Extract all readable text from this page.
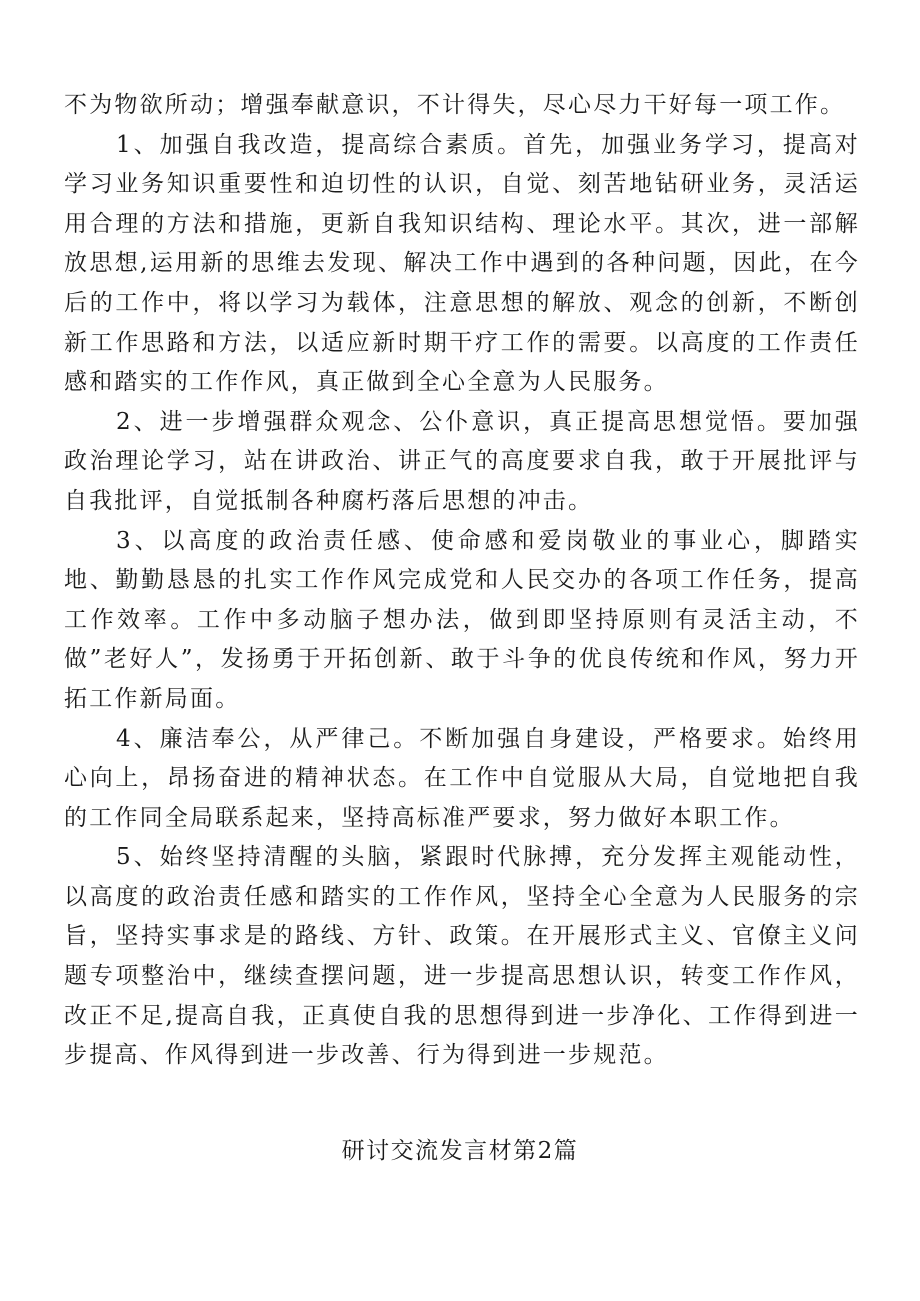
不为物欲所动；增强奉献意识，不计得失，尽心尽力干好每一项工作。

1、加强自我改造，提高综合素质。首先，加强业务学习，提高对学习业务知识重要性和迫切性的认识，自觉、刻苦地钻研业务，灵活运用合理的方法和措施，更新自我知识结构、理论水平。其次，进一部解放思想,运用新的思维去发现、解决工作中遇到的各种问题，因此，在今后的工作中，将以学习为载体，注意思想的解放、观念的创新，不断创新工作思路和方法，以适应新时期干疗工作的需要。以高度的工作责任感和踏实的工作作风，真正做到全心全意为人民服务。

2、进一步增强群众观念、公仆意识，真正提高思想觉悟。要加强政治理论学习，站在讲政治、讲正气的高度要求自我，敢于开展批评与自我批评，自觉抵制各种腐朽落后思想的冲击。

3、以高度的政治责任感、使命感和爱岗敬业的事业心，脚踏实地、勤勤恳恳的扎实工作作风完成党和人民交办的各项工作任务，提高工作效率。工作中多动脑子想办法，做到即坚持原则有灵活主动，不做”老好人”，发扬勇于开拓创新、敢于斗争的优良传统和作风，努力开拓工作新局面。

4、廉洁奉公，从严律己。不断加强自身建设，严格要求。始终用心向上，昂扬奋进的精神状态。在工作中自觉服从大局，自觉地把自我的工作同全局联系起来，坚持高标准严要求，努力做好本职工作。

5、始终坚持清醒的头脑，紧跟时代脉搏，充分发挥主观能动性，以高度的政治责任感和踏实的工作作风，坚持全心全意为人民服务的宗旨，坚持实事求是的路线、方针、政策。在开展形式主义、官僚主义问题专项整治中，继续查摆问题，进一步提高思想认识，转变工作作风，改正不足,提高自我，正真使自我的思想得到进一步净化、工作得到进一步提高、作风得到进一步改善、行为得到进一步规范。

研讨交流发言材第2篇
